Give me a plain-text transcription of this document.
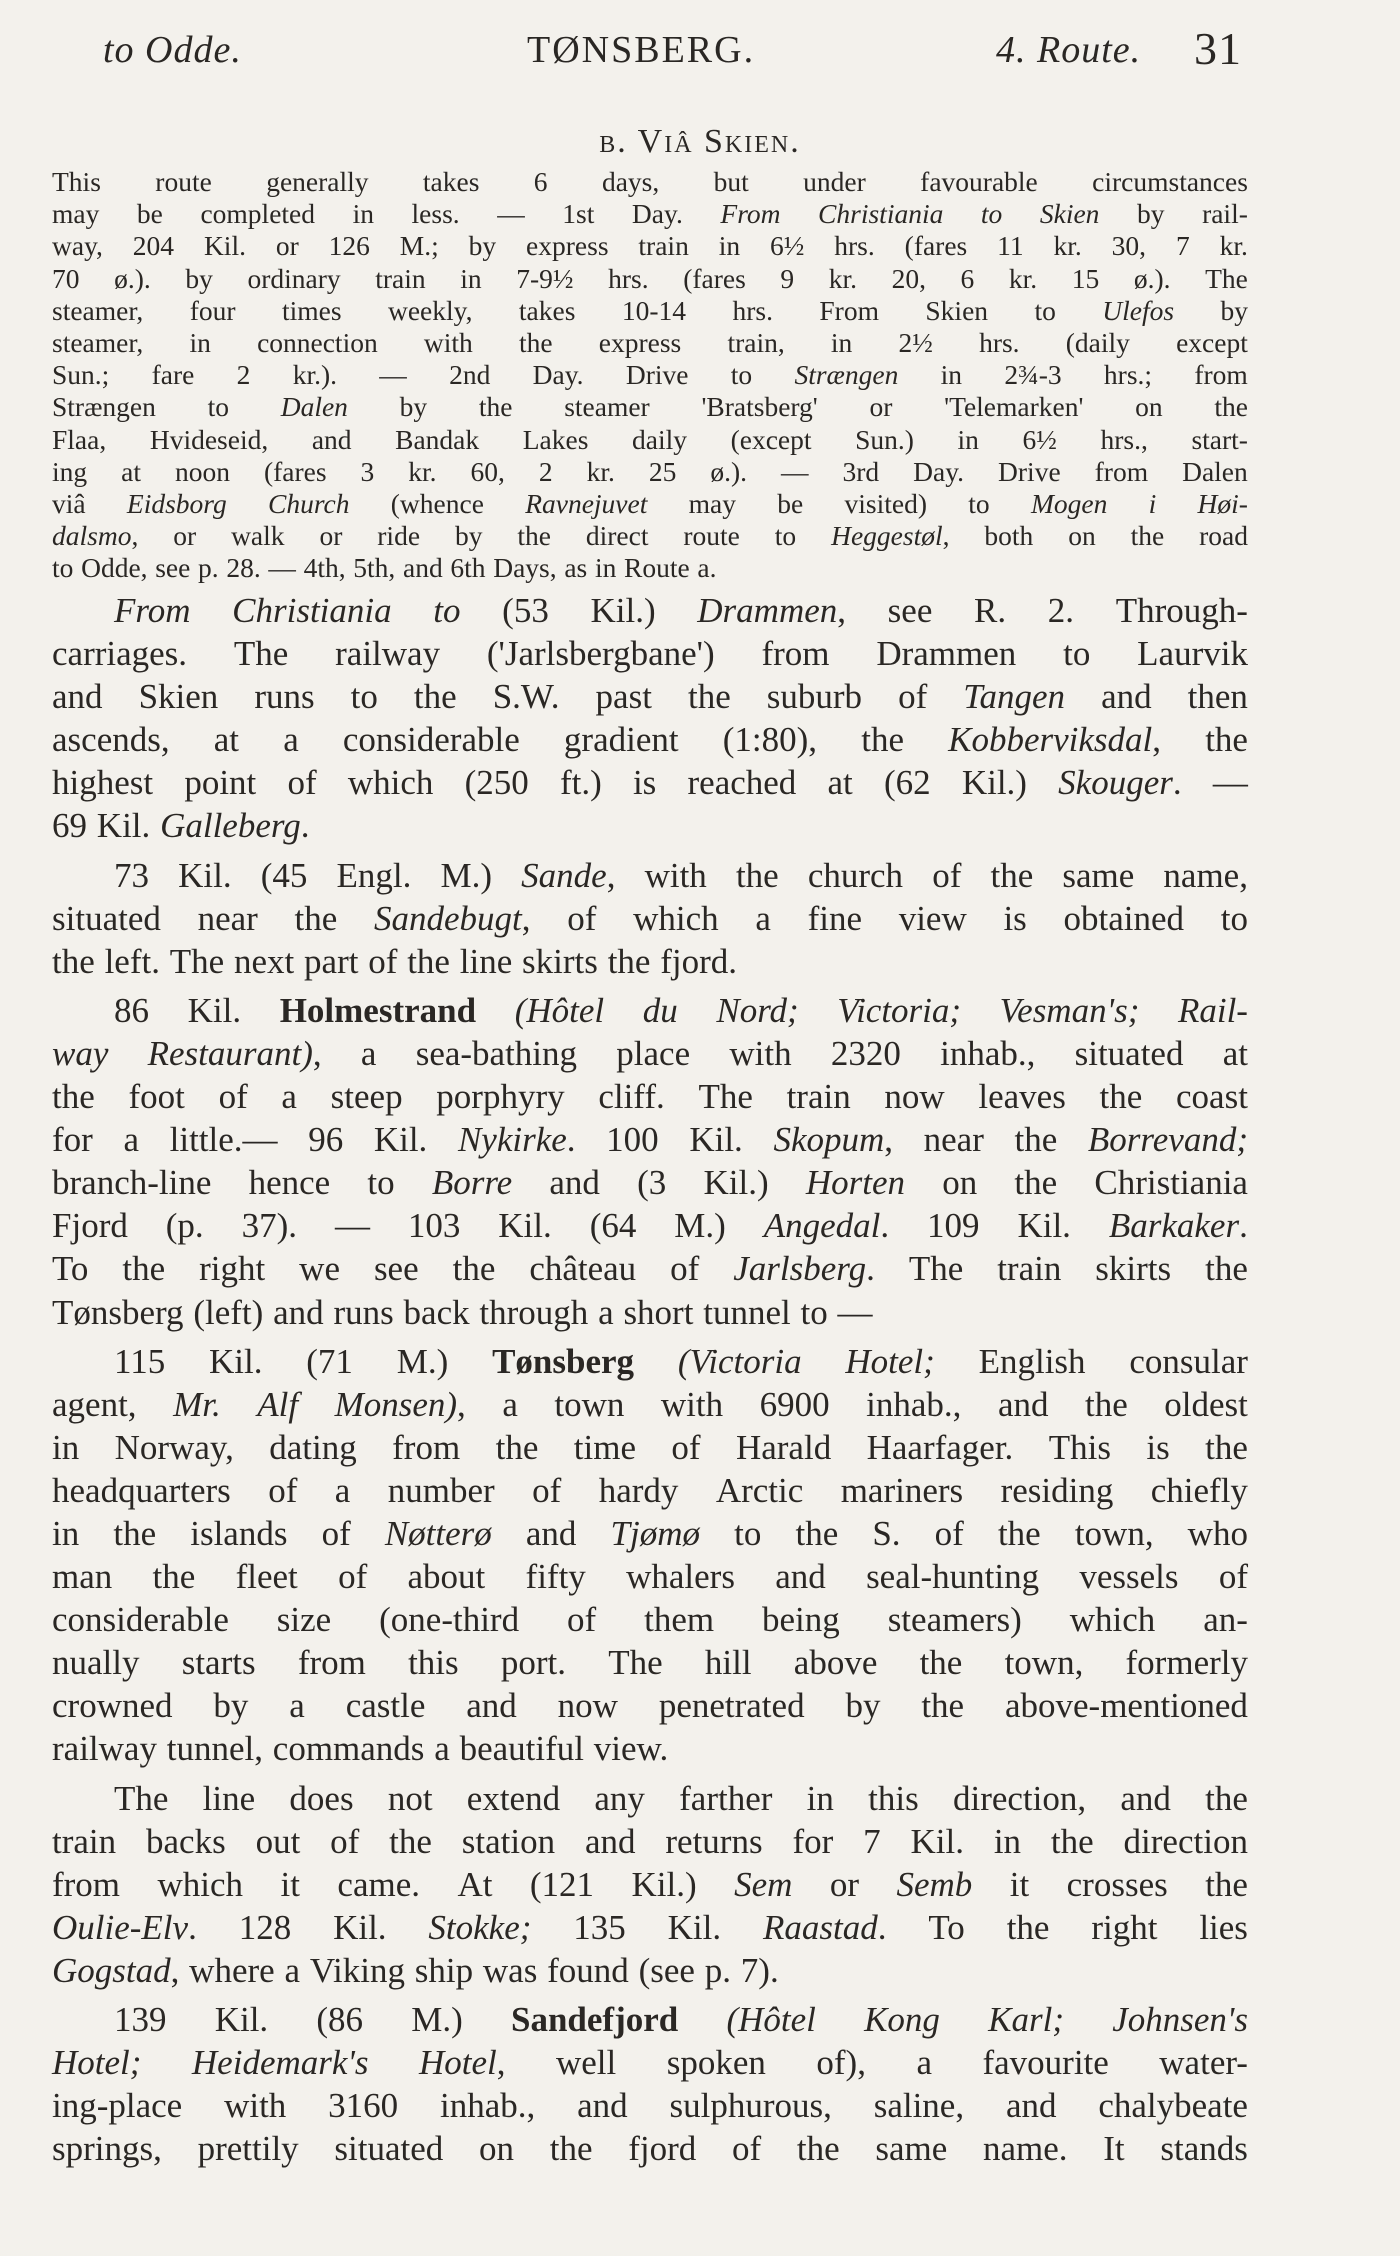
to Odde.	TØNSBERG.	4. Route. 31
b. Viâ Skien.
This route generally takes 6 days, but under favourable circumstances
may be completed in less. — 1st Day. From Christiania to Skien by rail-
way, 204 Kil. or 126 M.; by express train in 6½ hrs. (fares 11 kr. 30, 7 kr.
70 ø.). by ordinary train in 7-9½ hrs. (fares 9 kr. 20, 6 kr. 15 ø.). The
steamer, four times weekly, takes 10-14 hrs. From Skien to Ulefos by
steamer, in connection with the express train, in 2½ hrs. (daily except
Sun.; fare 2 kr.). — 2nd Day. Drive to Strængen in 2¾-3 hrs.; from
Strængen to Dalen by the steamer 'Bratsberg' or 'Telemarken' on the
Flaa, Hvideseid, and Bandak Lakes daily (except Sun.) in 6½ hrs., start-
ing at noon (fares 3 kr. 60, 2 kr. 25 ø.). — 3rd Day. Drive from Dalen
viâ Eidsborg Church (whence Ravnejuvet may be visited) to Mogen i Høi-
dalsmo, or walk or ride by the direct route to Heggestøl, both on the road
to Odde, see p. 28. — 4th, 5th, and 6th Days, as in Route a.
From Christiania to (53 Kil.) Drammen, see R. 2. Through-
carriages. The railway ('Jarlsbergbane') from Drammen to Laurvik
and Skien runs to the S.W. past the suburb of Tangen and then
ascends, at a considerable gradient (1:80), the Kobberviksdal, the
highest point of which (250 ft.) is reached at (62 Kil.) Skouger. —
69 Kil. Galleberg.
73 Kil. (45 Engl. M.) Sande, with the church of the same name,
situated near the Sandebugt, of which a fine view is obtained to
the left. The next part of the line skirts the fjord.
86 Kil. Holmestrand (Hôtel du Nord; Victoria; Vesman's; Rail-
way Restaurant), a sea-bathing place with 2320 inhab., situated at
the foot of a steep porphyry cliff. The train now leaves the coast
for a little.— 96 Kil. Nykirke. 100 Kil. Skopum, near the Borrevand;
branch-line hence to Borre and (3 Kil.) Horten on the Christiania
Fjord (p. 37). — 103 Kil. (64 M.) Angedal. 109 Kil. Barkaker.
To the right we see the château of Jarlsberg. The train skirts the
Tønsberg (left) and runs back through a short tunnel to —
115 Kil. (71 M.) Tønsberg (Victoria Hotel; English consular
agent, Mr. Alf Monsen), a town with 6900 inhab., and the oldest
in Norway, dating from the time of Harald Haarfager. This is the
headquarters of a number of hardy Arctic mariners residing chiefly
in the islands of Nøtterø and Tjømø to the S. of the town, who
man the fleet of about fifty whalers and seal-hunting vessels of
considerable size (one-third of them being steamers) which an-
nually starts from this port. The hill above the town, formerly
crowned by a castle and now penetrated by the above-mentioned
railway tunnel, commands a beautiful view.
The line does not extend any farther in this direction, and the
train backs out of the station and returns for 7 Kil. in the direction
from which it came. At (121 Kil.) Sem or Semb it crosses the
Oulie-Elv. 128 Kil. Stokke; 135 Kil. Raastad. To the right lies
Gogstad, where a Viking ship was found (see p. 7).
139 Kil. (86 M.) Sandefjord (Hôtel Kong Karl; Johnsen's
Hotel; Heidemark's Hotel, well spoken of), a favourite water-
ing-place with 3160 inhab., and sulphurous, saline, and chalybeate
springs, prettily situated on the fjord of the same name. It stands
